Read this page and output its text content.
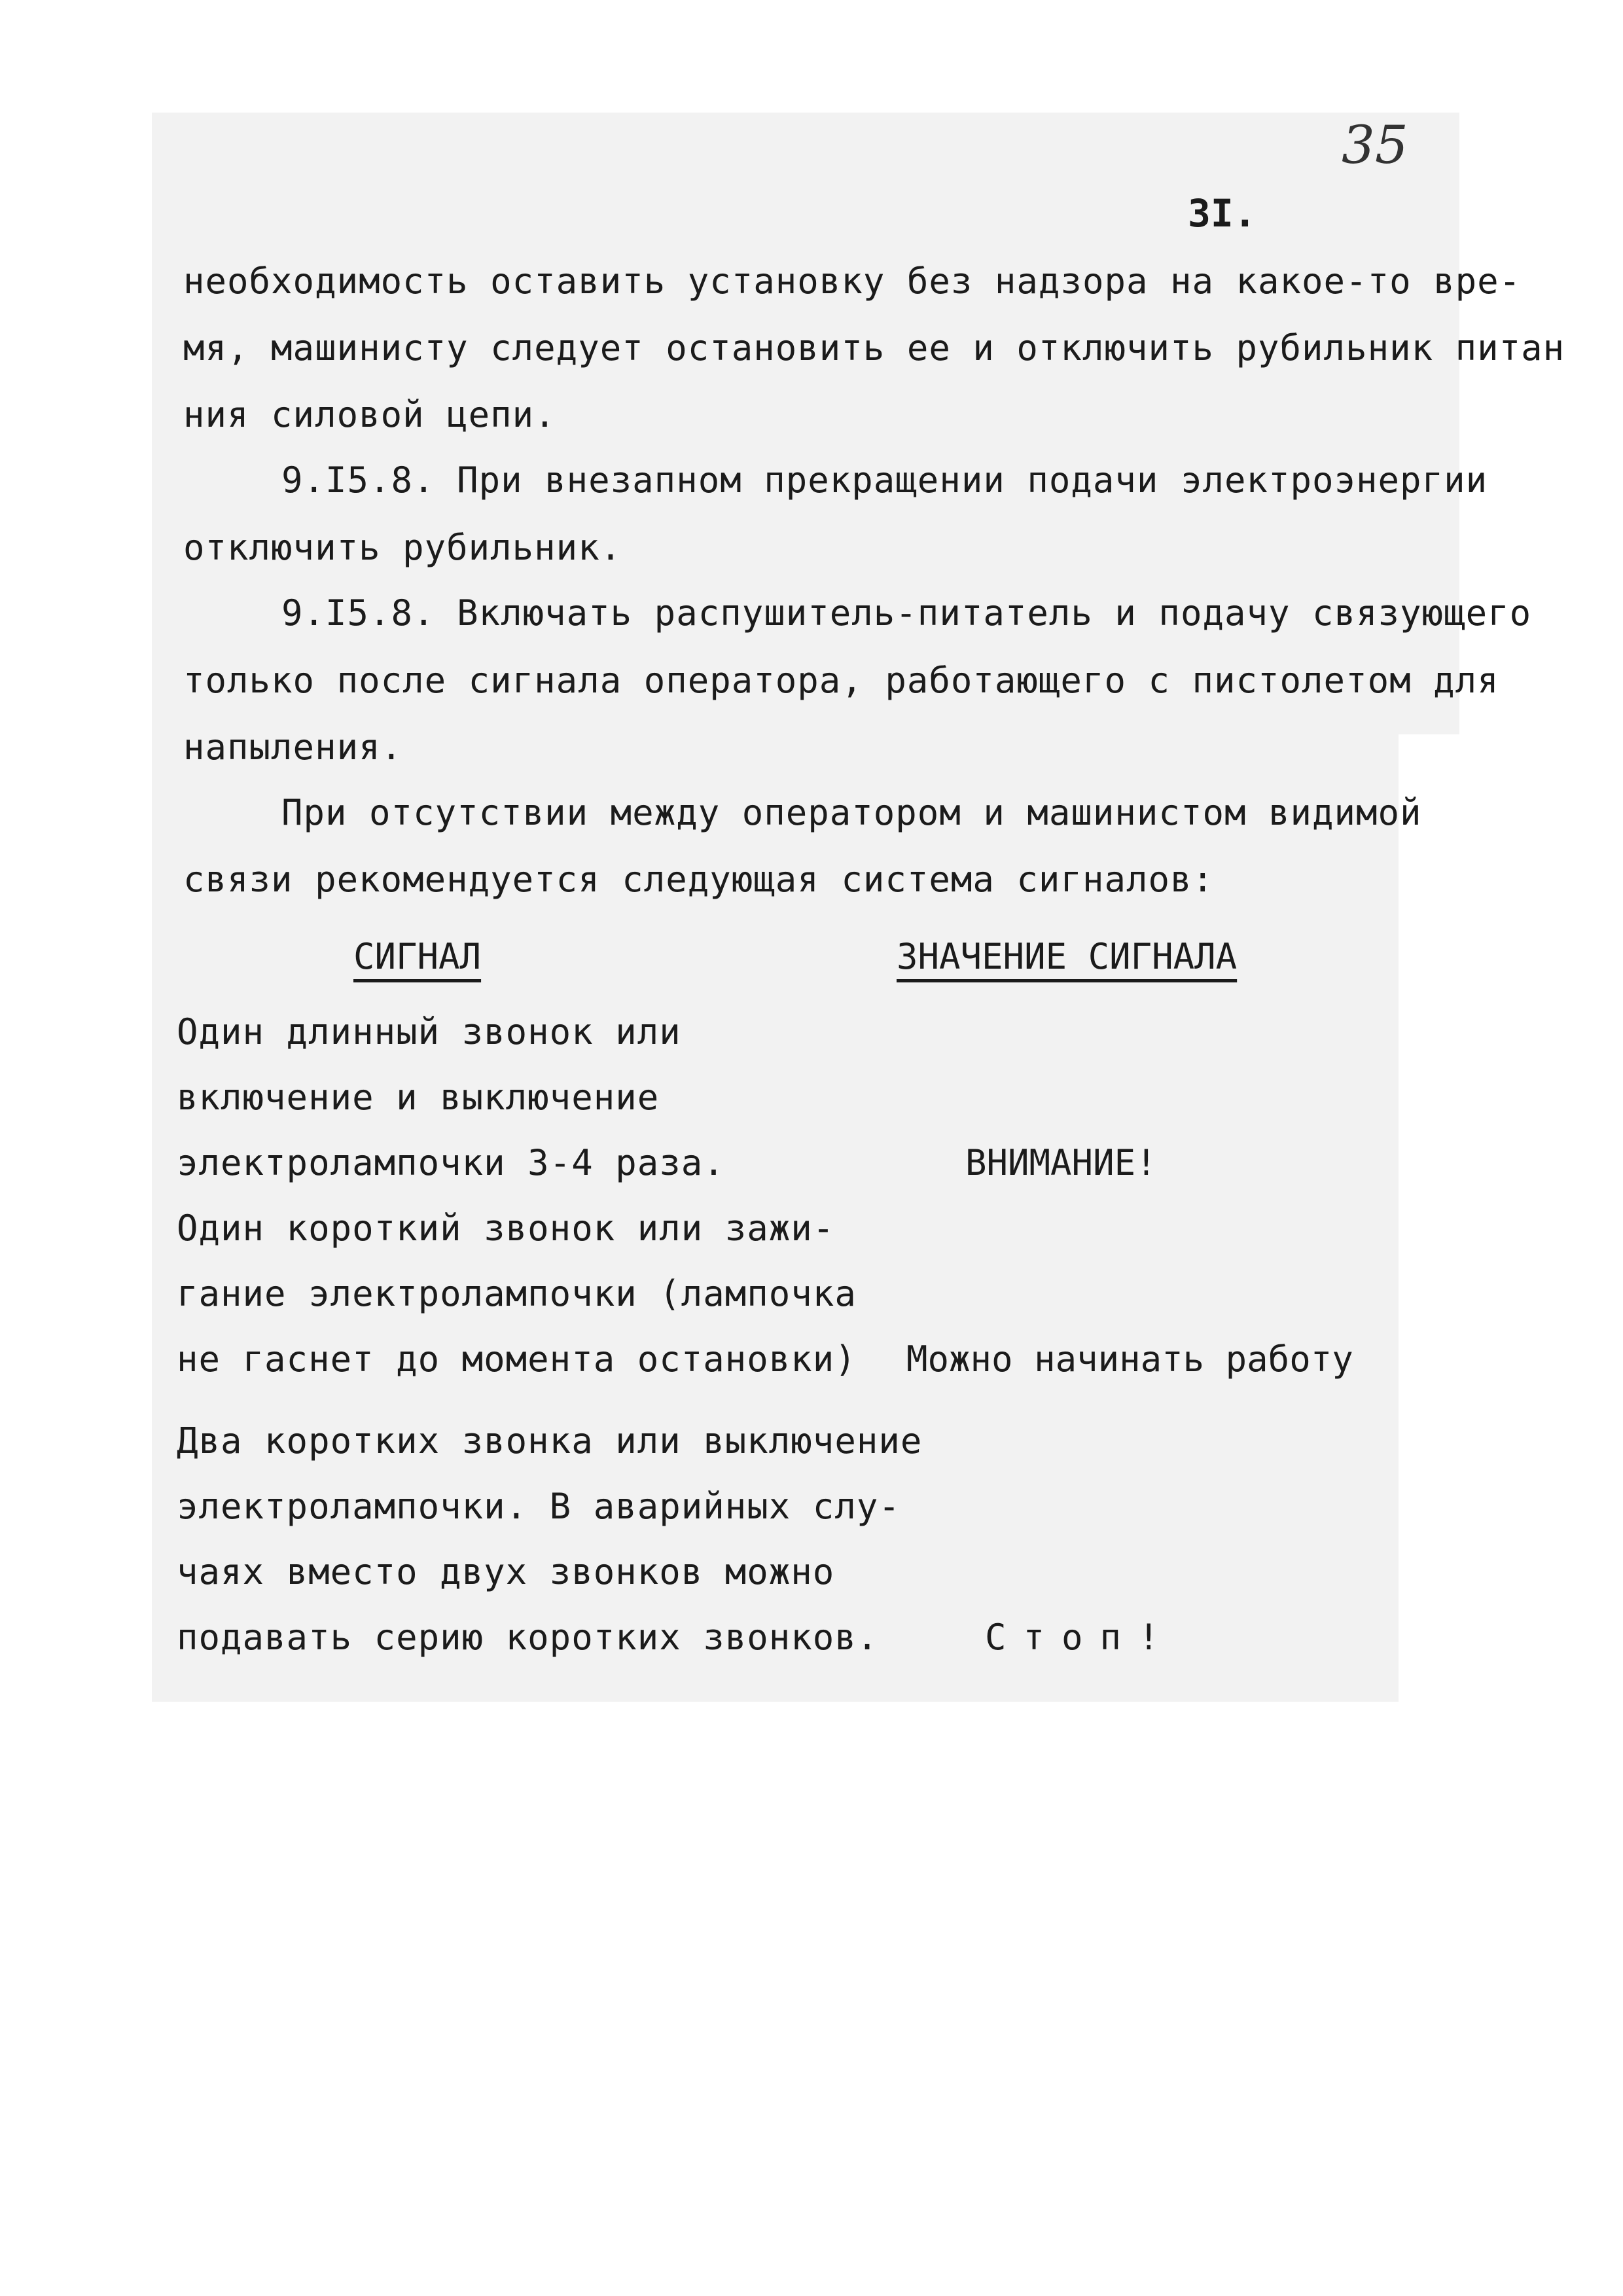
35
3I.
необходимость оставить установку без надзора на какое-то вре-
мя, машинисту следует остановить ее и отключить рубильник питан
ния силовой цепи.
9.I5.8. При внезапном прекращении подачи электроэнергии
отключить рубильник.
9.I5.8. Включать распушитель-питатель и подачу связующего
только после сигнала оператора, работающего с пистолетом для
напыления.
При отсутствии между оператором и машинистом видимой
связи рекомендуется следующая система сигналов:
СИГНАЛ	ЗНАЧЕНИЕ СИГНАЛА
Один длинный звонок или
включение и выключение
электролампочки 3-4 раза.	ВНИМАНИЕ!
Один короткий звонок или зажи-
гание электролампочки (лампочка
не гаснет до момента остановки) Можно начинать работу
Два коротких звонка или выключение
электролампочки. В аварийных слу-
чаях вместо двух звонков можно
подавать серию коротких звонков.	Стоп!
